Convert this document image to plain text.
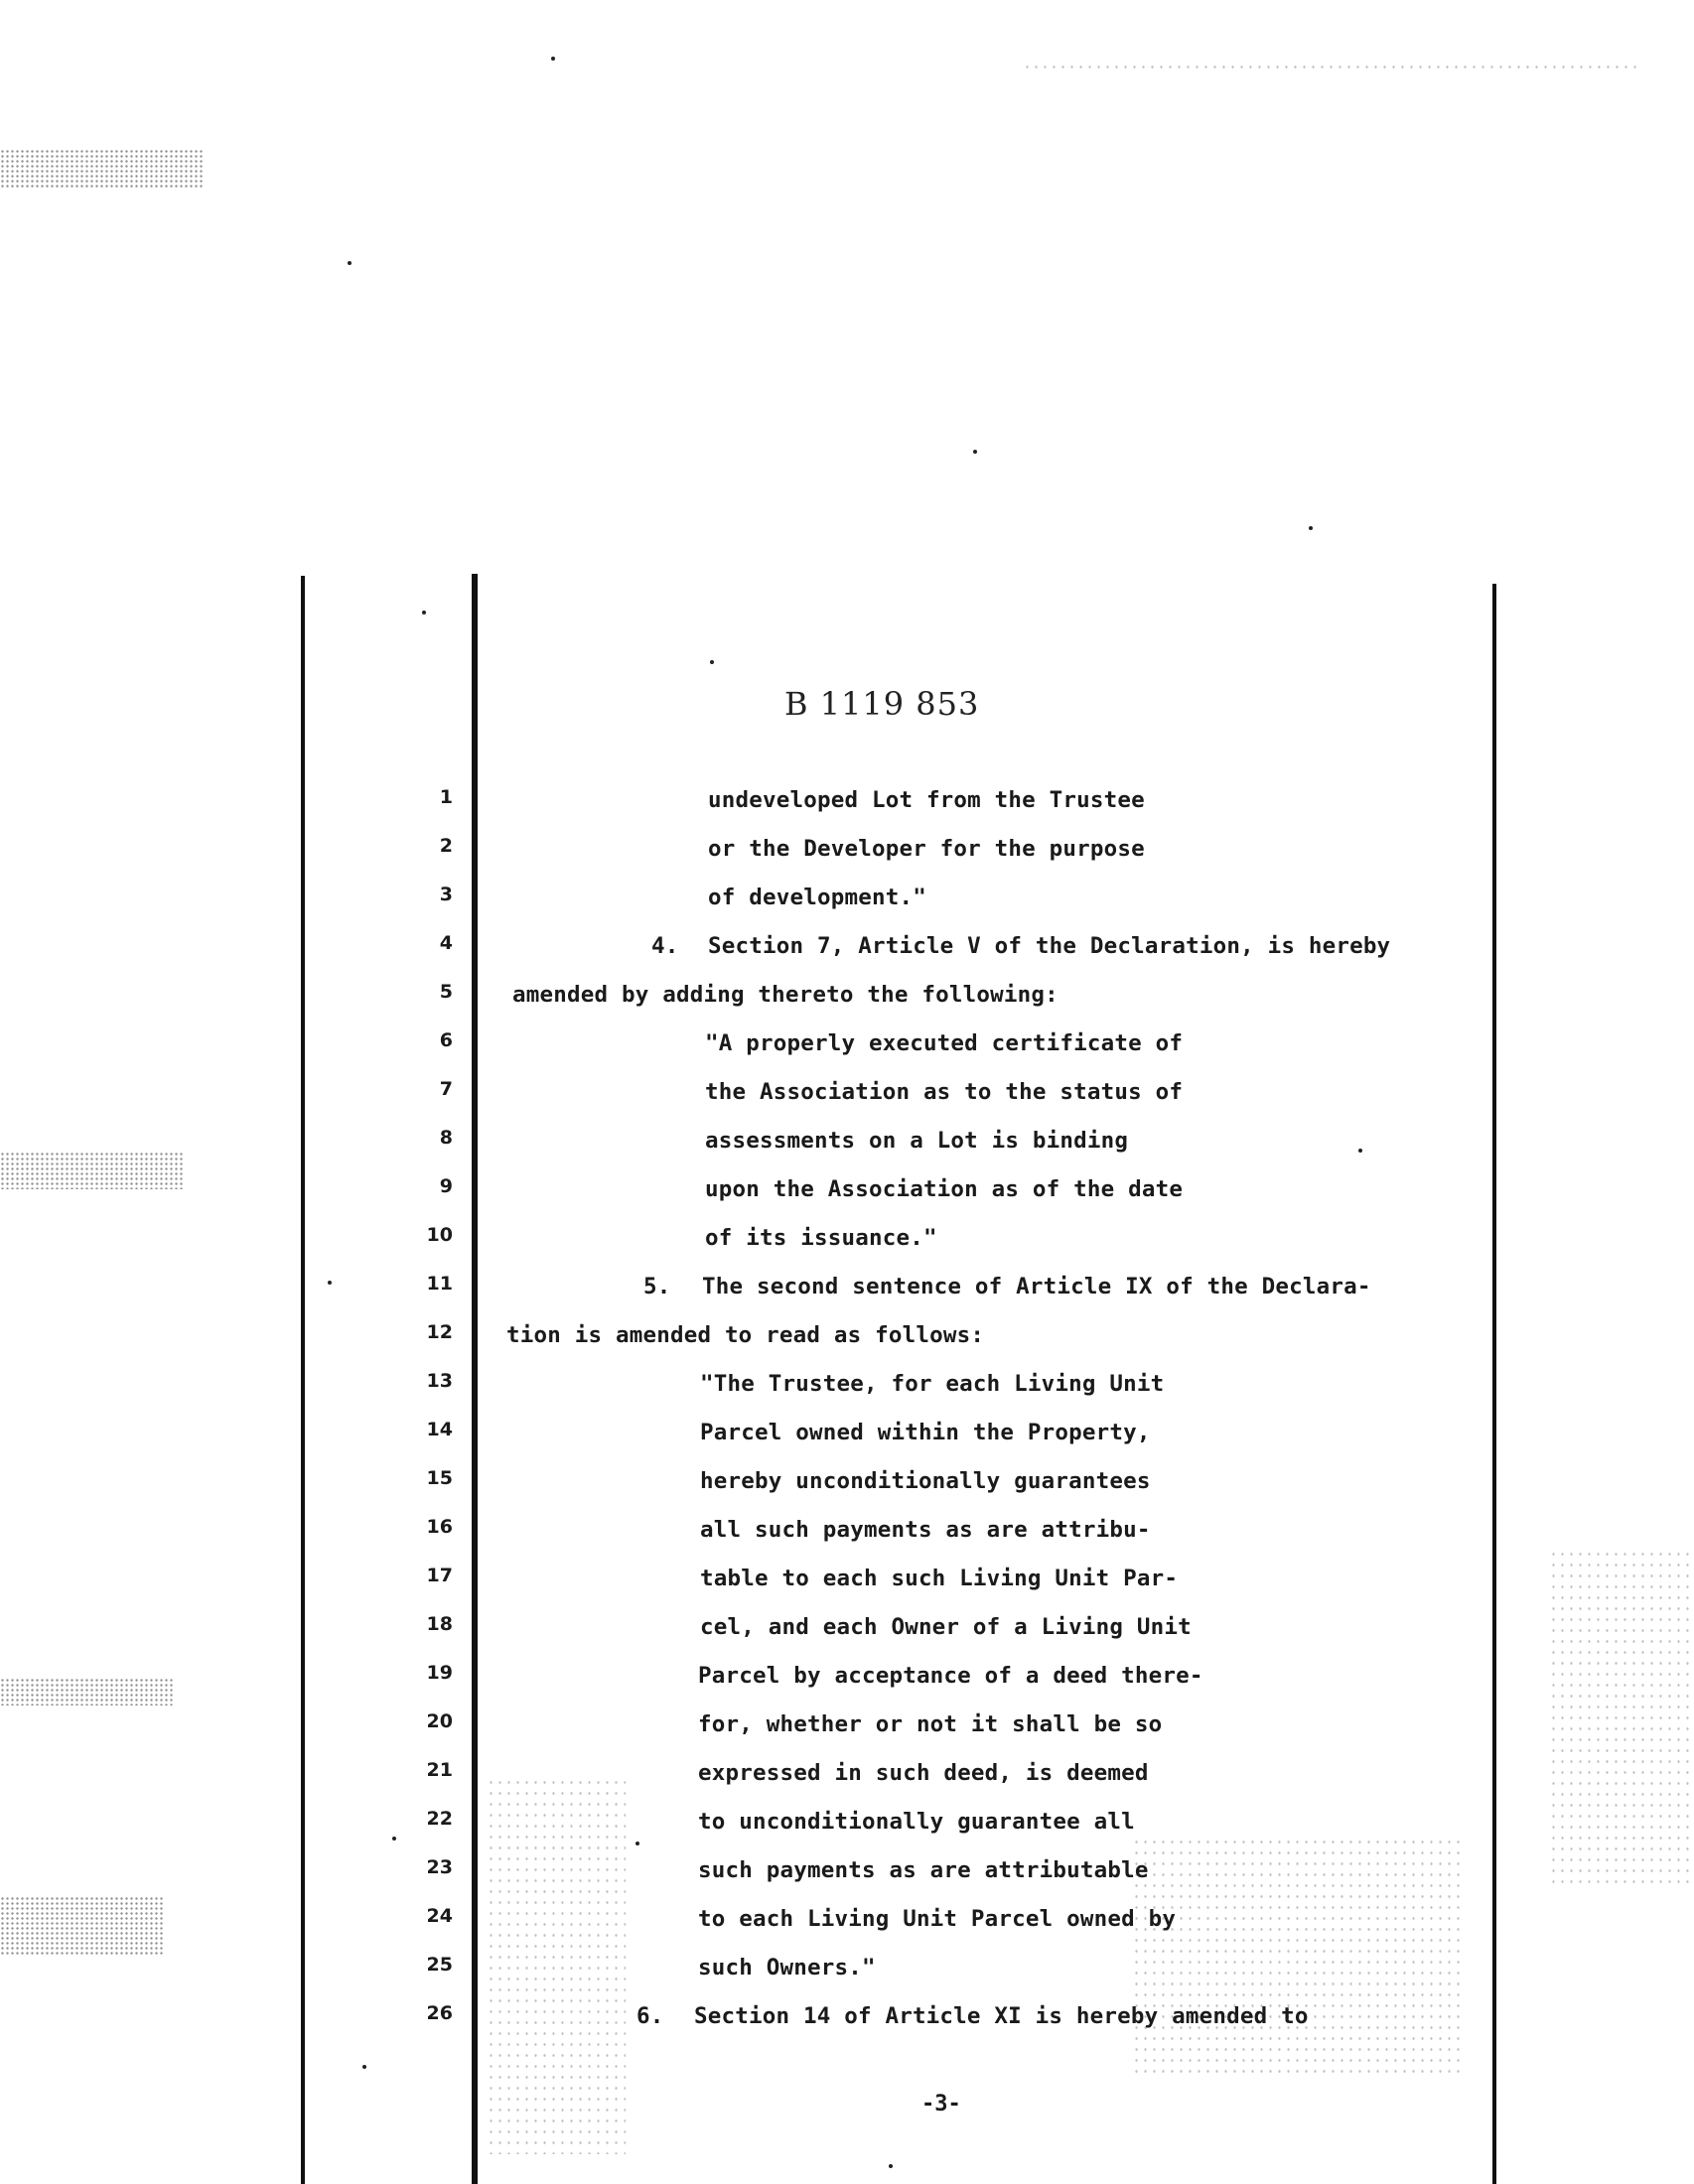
B 1119 853
1
2
3
4
5
6
7
8
9
10
11
12
13
14
15
16
17
18
19
20
21
22
23
24
25
26
undeveloped Lot from the Trustee
or the Developer for the purpose
of development."
4. Section 7, Article V of the Declaration, is hereby
amended by adding thereto the following:
"A properly executed certificate of
the Association as to the status of
assessments on a Lot is binding
upon the Association as of the date
of its issuance."
5. The second sentence of Article IX of the Declara-
tion is amended to read as follows:
"The Trustee, for each Living Unit
Parcel owned within the Property,
hereby unconditionally guarantees
all such payments as are attribu-
table to each such Living Unit Par-
cel, and each Owner of a Living Unit
Parcel by acceptance of a deed there-
for, whether or not it shall be so
expressed in such deed, is deemed
to unconditionally guarantee all
such payments as are attributable
to each Living Unit Parcel owned by
such Owners."
6. Section 14 of Article XI is hereby amended to
-3-
